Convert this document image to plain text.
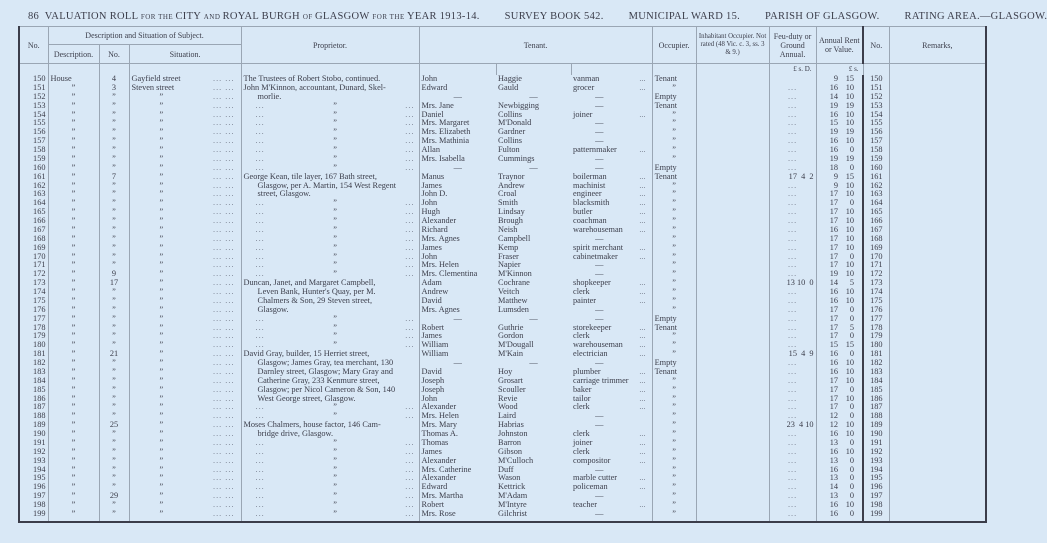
86 VALUATION ROLL FOR THE CITY AND ROYAL BURGH OF GLASGOW FOR THE YEAR 1913-14. SURVEY BOOK 542. MUNICIPAL WARD 15. PARISH OF GLASGOW. RATING AREA.—GLASGOW.
No.	Description and Situation of Subject.			Proprietor.	Tenant.			Occupier.	Inhabitant Occupier. Not rated (48 Vic. c. 3, ss. 3 & 9.)	Feu-duty or Ground Annual.	Annual Rent or Value.	No.	Remarks,
	Description.	No.	Situation.										
										£ s. D.	£ s.		
150	House	4	Gayfield street ... ...	The Trustees of Robert Stobo, continued.	John	Haggie	vanman ...	Tenant			9 15	150	
151	”	3	Steven street ... ...	John M'Kinnon, accountant, Dunard, Skel-	Edward	Gauld	grocer ...	”		...	16 10	151	
152	”	”	” ... ...	morlie.	—	—	—	Empty		...	14 10	152	
153	”	”	” ... ...	... ” ...	Mrs. Jane	Newbigging	—	Tenant		...	19 19	153	
154	”	”	” ... ...	... ” ...	Daniel	Collins	joiner ...	”		...	16 10	154	
155	”	”	” ... ...	... ” ...	Mrs. Margaret	M'Donald	—	”		...	15 10	155	
156	”	”	” ... ...	... ” ...	Mrs. Elizabeth	Gardner	—	”		...	19 19	156	
157	”	”	” ... ...	... ” ...	Mrs. Mathinia	Collins	—	”		...	16 10	157	
158	”	”	” ... ...	... ” ...	Allan	Fulton	patternmaker ...	”		...	16 0	158	
159	”	”	” ... ...	... ” ...	Mrs. Isabella	Cummings	—	”		...	19 19	159	
160	”	”	” ... ...	... ” ...	—	—	—	Empty		...	18 0	160	
161	”	7	” ... ...	George Kean, tile layer, 167 Bath street,	Manus	Traynor	boilerman ...	Tenant		17  4  2	9 15	161	
162	”	”	” ... ...	Glasgow, per A. Martin, 154 West Regent	James	Andrew	machinist ...	”		...	9 10	162	
163	”	”	” ... ...	street, Glasgow.	John D.	Croal	engineer ...	”		...	17 10	163	
164	”	”	” ... ...	... ” ...	John	Smith	blacksmith ...	”		...	17 0	164	
165	”	”	” ... ...	... ” ...	Hugh	Lindsay	butler ...	”		...	17 10	165	
166	”	”	” ... ...	... ” ...	Alexander	Brough	coachman ...	”		...	17 10	166	
167	”	”	” ... ...	... ” ...	Richard	Neish	warehouseman ...	”		...	16 10	167	
168	”	”	” ... ...	... ” ...	Mrs. Agnes	Campbell	—	”		...	17 10	168	
169	”	”	” ... ...	... ” ...	James	Kemp	spirit merchant ...	”		...	17 10	169	
170	”	”	” ... ...	... ” ...	John	Fraser	cabinetmaker ...	”		...	17 0	170	
171	”	”	” ... ...	... ” ...	Mrs. Helen	Napier	—	”		...	17 10	171	
172	”	9	” ... ...	... ” ...	Mrs. Clementina	M'Kinnon	—	”		...	19 10	172	
173	”	17	” ... ...	Duncan, Janet, and Margaret Campbell,	Adam	Cochrane	shopkeeper ...	”		13 10  0	14 5	173	
174	”	”	” ... ...	Leven Bank, Hunter's Quay, per M.	Andrew	Veitch	clerk ...	”		...	16 10	174	
175	”	”	” ... ...	Chalmers & Son, 29 Steven street,	David	Matthew	painter ...	”		...	16 10	175	
176	”	”	” ... ...	Glasgow.	Mrs. Agnes	Lumsden	—	”		...	17 0	176	
177	”	”	” ... ...	... ” ...	—	—	—	Empty		...	17 0	177	
178	”	”	” ... ...	... ” ...	Robert	Guthrie	storekeeper ...	Tenant		...	17 5	178	
179	”	”	” ... ...	... ” ...	James	Gordon	clerk ...	”		...	17 0	179	
180	”	”	” ... ...	... ” ...	William	M'Dougall	warehouseman ...	”		...	15 15	180	
181	”	21	” ... ...	David Gray, builder, 15 Herriet street,	William	M'Kain	electrician ...	”		15  4  9	16 0	181	
182	”	”	” ... ...	Glasgow; James Gray, tea merchant, 130	—	—	—	Empty		...	16 10	182	
183	”	”	” ... ...	Darnley street, Glasgow; Mary Gray and	David	Hoy	plumber ...	Tenant		...	16 10	183	
184	”	”	” ... ...	Catherine Gray, 233 Kenmure street,	Joseph	Grosart	carriage trimmer ...	”		...	17 10	184	
185	”	”	” ... ...	Glasgow; per Nicol Cameron & Son, 140	Joseph	Scouller	baker ...	”		...	17 0	185	
186	”	”	” ... ...	West George street, Glasgow.	John	Revie	tailor ...	”		...	17 10	186	
187	”	”	” ... ...	... ” ...	Alexander	Wood	clerk ...	”		...	17 0	187	
188	”	”	” ... ...	... ” ...	Mrs. Helen	Laird	—	”		...	12 0	188	
189	”	25	” ... ...	Moses Chalmers, house factor, 146 Cam-	Mrs. Mary	Habrias	—	”		23  4 10	12 10	189	
190	”	”	” ... ...	bridge drive, Glasgow.	Thomas A.	Johnston	clerk ...	”		...	16 10	190	
191	”	”	” ... ...	... ” ...	Thomas	Barron	joiner ...	”		...	13 0	191	
192	”	”	” ... ...	... ” ...	James	Gibson	clerk ...	”		...	16 10	192	
193	”	”	” ... ...	... ” ...	Alexander	M'Culloch	compositor ...	”		...	13 0	193	
194	”	”	” ... ...	... ” ...	Mrs. Catherine	Duff	—	”		...	16 0	194	
195	”	”	” ... ...	... ” ...	Alexander	Wason	marble cutter ...	”		...	13 0	195	
196	”	”	” ... ...	... ” ...	Edward	Kettrick	policeman ...	”		...	14 0	196	
197	”	29	” ... ...	... ” ...	Mrs. Martha	M'Adam	—	”		...	13 0	197	
198	”	”	” ... ...	... ” ...	Robert	M'Intyre	teacher ...	”		...	16 10	198	
199	”	”	” ... ...	... ” ...	Mrs. Rose	Gilchrist	—	”		...	16 0	199	
